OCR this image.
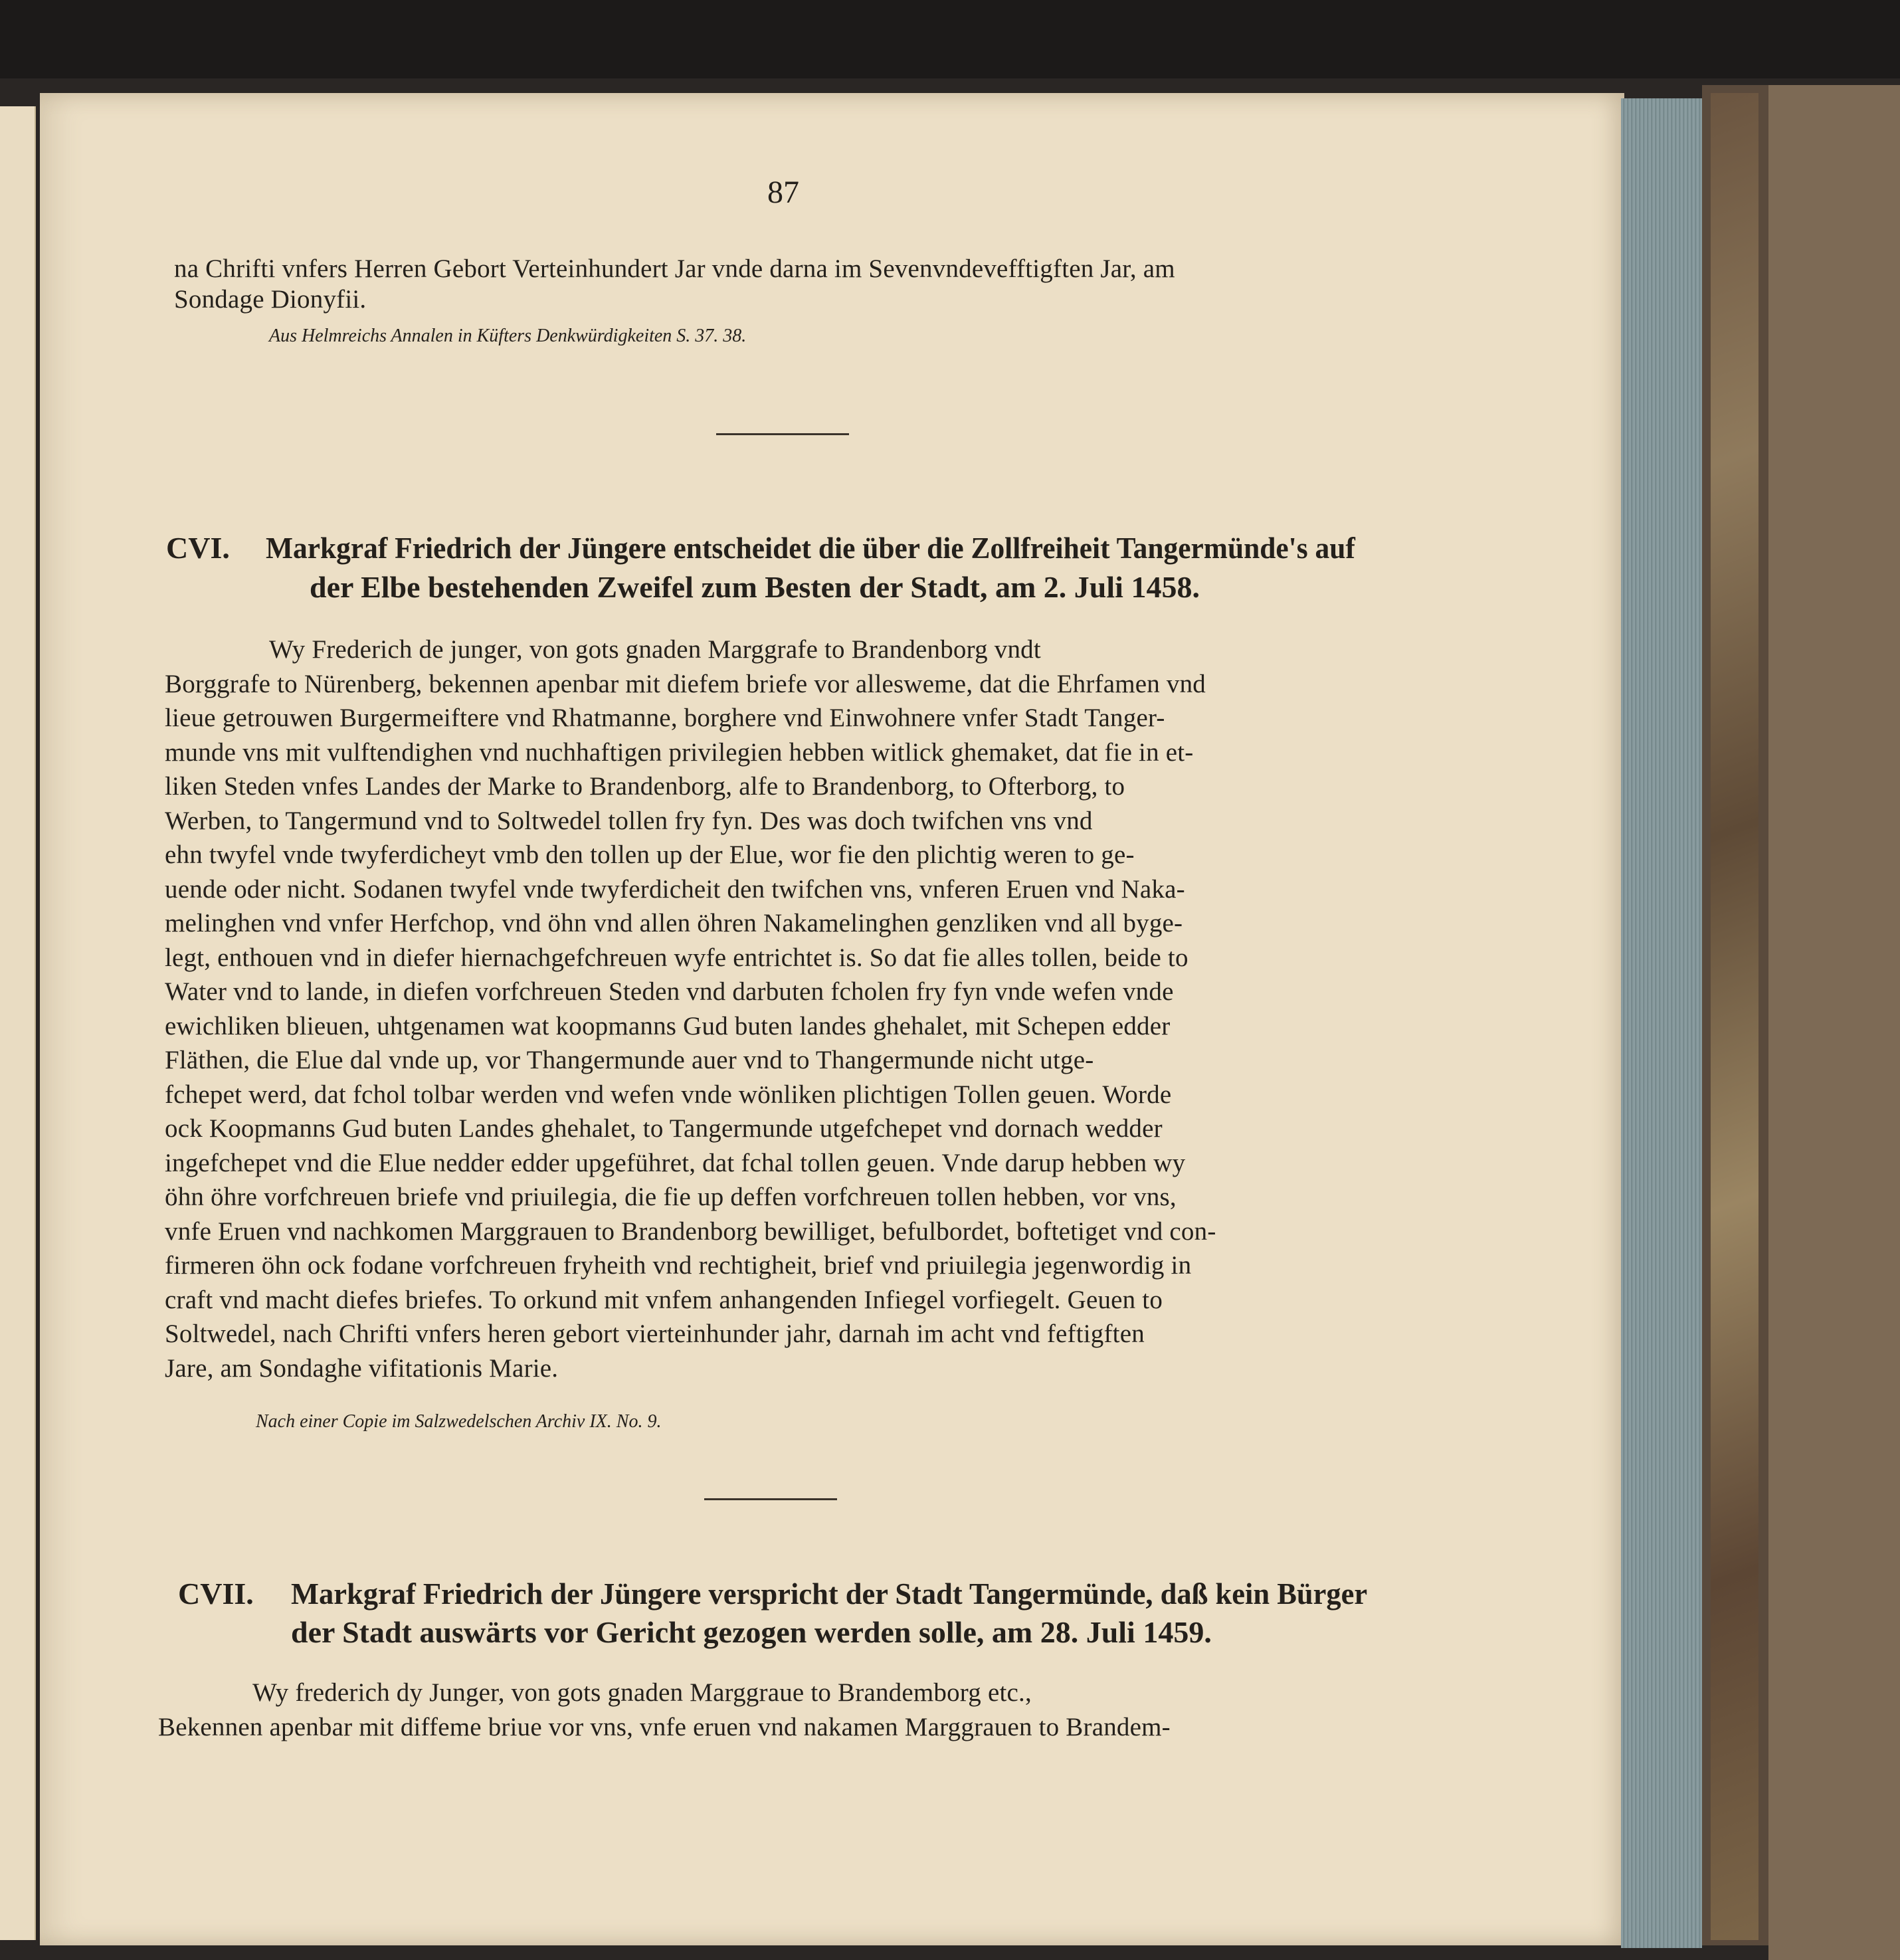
87
na Chrifti vnfers Herren Gebort Verteinhundert Jar vnde darna im Sevenvndevefftigften Jar, am
Sondage Dionyfii.
Aus Helmreichs Annalen in Küfters Denkwürdigkeiten S. 37. 38.
CVI. Markgraf Friedrich der Jüngere entscheidet die über die Zollfreiheit Tangermünde's auf
der Elbe bestehenden Zweifel zum Besten der Stadt, am 2. Juli 1458.
Wy Frederich de junger, von gots gnaden Marggrafe to Brandenborg vndt
Borggrafe to Nürenberg, bekennen apenbar mit diefem briefe vor allesweme, dat die Ehrfamen vnd
lieue getrouwen Burgermeiftere vnd Rhatmanne, borghere vnd Einwohnere vnfer Stadt Tanger-
munde vns mit vulftendighen vnd nuchhaftigen privilegien hebben witlick ghemaket, dat fie in et-
liken Steden vnfes Landes der Marke to Brandenborg, alfe to Brandenborg, to Ofterborg, to
Werben, to Tangermund vnd to Soltwedel tollen fry fyn. Des was doch twifchen vns vnd
ehn twyfel vnde twyferdicheyt vmb den tollen up der Elue, wor fie den plichtig weren to ge-
uende oder nicht. Sodanen twyfel vnde twyferdicheit den twifchen vns, vnferen Eruen vnd Naka-
melinghen vnd vnfer Herfchop, vnd öhn vnd allen öhren Nakamelinghen genzliken vnd all byge-
legt, enthouen vnd in diefer hiernachgefchreuen wyfe entrichtet is. So dat fie alles tollen, beide to
Water vnd to lande, in diefen vorfchreuen Steden vnd darbuten fcholen fry fyn vnde wefen vnde
ewichliken blieuen, uhtgenamen wat koopmanns Gud buten landes ghehalet, mit Schepen edder
Fläthen, die Elue dal vnde up, vor Thangermunde auer vnd to Thangermunde nicht utge-
fchepet werd, dat fchol tolbar werden vnd wefen vnde wönliken plichtigen Tollen geuen. Worde
ock Koopmanns Gud buten Landes ghehalet, to Tangermunde utgefchepet vnd dornach wedder
ingefchepet vnd die Elue nedder edder upgeführet, dat fchal tollen geuen. Vnde darup hebben wy
öhn öhre vorfchreuen briefe vnd priuilegia, die fie up deffen vorfchreuen tollen hebben, vor vns,
vnfe Eruen vnd nachkomen Marggrauen to Brandenborg bewilliget, befulbordet, boftetiget vnd con-
firmeren öhn ock fodane vorfchreuen fryheith vnd rechtigheit, brief vnd priuilegia jegenwordig in
craft vnd macht diefes briefes. To orkund mit vnfem anhangenden Infiegel vorfiegelt. Geuen to
Soltwedel, nach Chrifti vnfers heren gebort vierteinhunder jahr, darnah im acht vnd feftigften
Jare, am Sondaghe vifitationis Marie.
Nach einer Copie im Salzwedelschen Archiv IX. No. 9.
CVII. Markgraf Friedrich der Jüngere verspricht der Stadt Tangermünde, daß kein Bürger
der Stadt auswärts vor Gericht gezogen werden solle, am 28. Juli 1459.
Wy frederich dy Junger, von gots gnaden Marggraue to Brandemborg etc.,
Bekennen apenbar mit diffeme briue vor vns, vnfe eruen vnd nakamen Marggrauen to Brandem-
